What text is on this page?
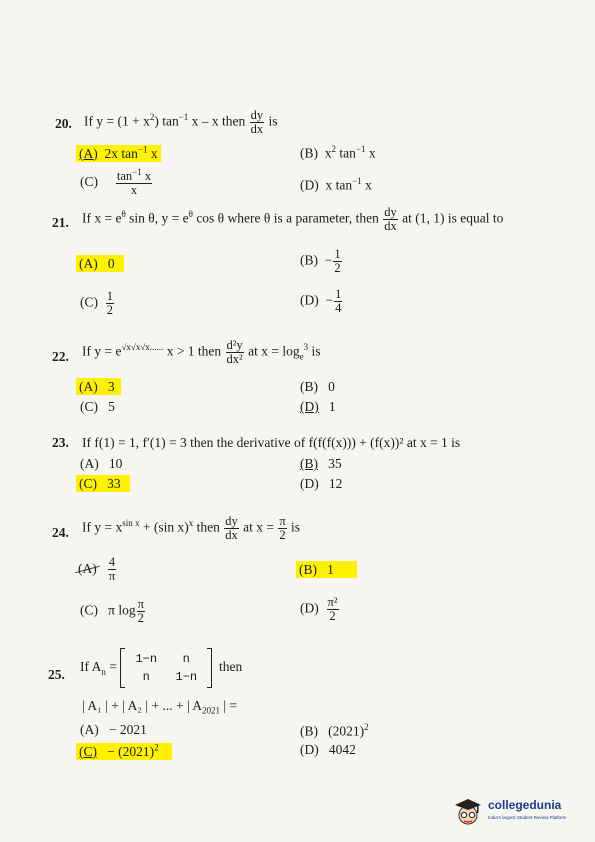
20. If $y = (1 + x^2)$ $\tan^{-1} x$ – x then $\frac{dy}{dx}$ is
(A) 2x $\tan^{-1} x$	(B) $x^2$ $\tan^{-1} x$
$(C) \frac{\tan^{-1} x}{x}$	(D) x $\tan^{-1} x$
21. If $x = e^\theta$ sin θ, $y = e^\theta$ cos θ where θ is a parameter, then $\frac{dy}{dx}$ at (1, 1) is equal to
(A) 0	$(B) - \frac{1}{2}$
$(C) \frac{1}{2}$	$(D) - \frac{1}{4}$
22. If $y = e^{√x√x√x......}$ x > 1 then $\frac{\text{d²y}}{\text{dx²}}$ at $x = \log_e^3$ is
(A) 3	(B) 0
(C) 5	(D) 1
23. If f(1) = 1, f′(1) = 3 then the derivative of f(f(f(x))) + (f(x))² at x = 1 is
(A) 10	(B) 35
(C) 33	(D) 12
24. If $y = x^{sin x} + (\sin$ x)$^x$ then $\frac{dy}{dx}$ at $x = \frac{\pi}{2}$ is
$(A) \frac{4}{\pi}$	(B) 1
(C) π $\log \frac{\pi}{2}$	$(D) \frac{\text{π²}}{2}$
25.
If $A_n$ =
1−n n
n 1−n
then
| A₁ | + | A₂ | + ... + | $A_{2021}$ | =
(A) − 2021	(B) $(2021)^2$
$(C) - (2021)^2$	(D) 4042
collegedunia
India's largest Student Review Platform
